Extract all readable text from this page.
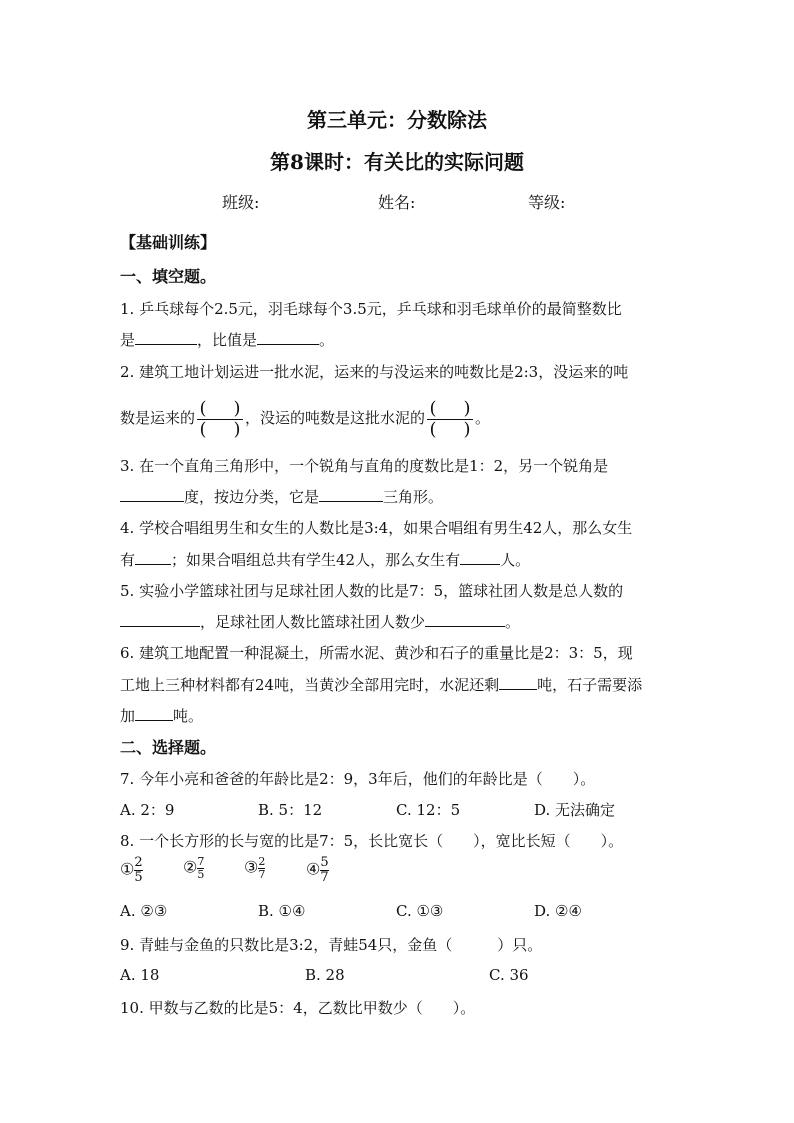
第三单元：分数除法
第8课时：有关比的实际问题
班级:	姓名:	等级:
【基础训练】
一、填空题。
1. 乒乓球每个2.5元，羽毛球每个3.5元，乒乓球和羽毛球单价的最简整数比
是	，比值是	。
2. 建筑工地计划运进一批水泥，运来的与没运来的吨数比是2:3，没运来的吨
数是运来的 $\frac{( )}{( )}$ ，没运的吨数是这批水泥的 $\frac{( )}{( )}$ 。
3. 在一个直角三角形中，一个锐角与直角的度数比是1：2，另一个锐角是
度，按边分类，它是	三角形。
4. 学校合唱组男生和女生的人数比是3:4，如果合唱组有男生42人，那么女生
有 ；如果合唱组总共有学生42人，那么女生有	人。
5. 实验小学篮球社团与足球社团人数的比是7：5，篮球社团人数是总人数的
，足球社团人数比篮球社团人数少	。
6. 建筑工地配置一种混凝土，所需水泥、黄沙和石子的重量比是2：3：5，现
工地上三种材料都有24吨，当黄沙全部用完时，水泥还剩	吨，石子需要添
加	吨。
二、选择题。
7. 今年小亮和爸爸的年龄比是2：9，3年后，他们的年龄比是（　　）。
A. 2：9	B. 5：12	C. 12：5	D. 无法确定
8. 一个长方形的长与宽的比是7：5，长比宽长（　　），宽比长短（　　）。
$①\frac{2}{5}$	$②\frac{7}{5}$ $③\frac{2}{7}$	$④\frac{5}{7}$
A. ②③	B. ①④	C. ①③	D. ②④
9. 青蛙与金鱼的只数比是3:2，青蛙54只，金鱼（　　　）只。
A. 18	B. 28	C. 36
10. 甲数与乙数的比是5：4，乙数比甲数少（　　）。
